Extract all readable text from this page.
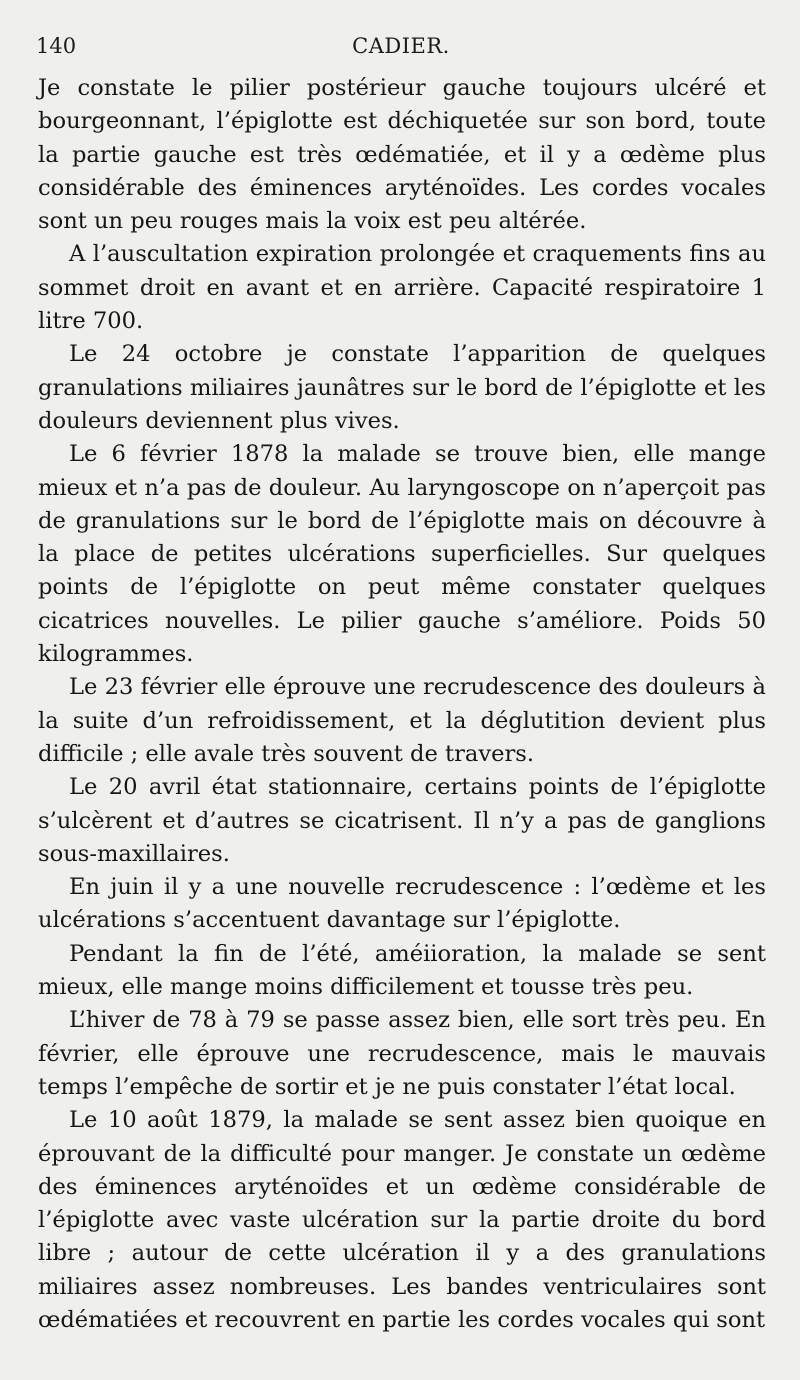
140	CADIER.

Je constate le pilier postérieur gauche toujours ulcéré et bourgeonnant, l’épiglotte est déchiquetée sur son bord, toute la partie gauche est très œdématiée, et il y a œdème plus considérable des éminences aryténoïdes. Les cordes vocales sont un peu rouges mais la voix est peu altérée.

A l’auscultation expiration prolongée et craquements fins au sommet droit en avant et en arrière. Capacité respiratoire 1 litre 700.

Le 24 octobre je constate l’apparition de quelques granulations miliaires jaunâtres sur le bord de l’épiglotte et les douleurs deviennent plus vives.

Le 6 février 1878 la malade se trouve bien, elle mange mieux et n’a pas de douleur. Au laryngoscope on n’aperçoit pas de granulations sur le bord de l’épiglotte mais on découvre à la place de petites ulcérations superficielles. Sur quelques points de l’épiglotte on peut même constater quelques cicatrices nouvelles. Le pilier gauche s’améliore. Poids 50 kilogrammes.

Le 23 février elle éprouve une recrudescence des douleurs à la suite d’un refroidissement, et la déglutition devient plus difficile ; elle avale très souvent de travers.

Le 20 avril état stationnaire, certains points de l’épiglotte s’ulcèrent et d’autres se cicatrisent. Il n’y a pas de ganglions sous-maxillaires.

En juin il y a une nouvelle recrudescence : l’œdème et les ulcérations s’accentuent davantage sur l’épiglotte.

Pendant la fin de l’été, améiioration, la malade se sent mieux, elle mange moins difficilement et tousse très peu.

L’hiver de 78 à 79 se passe assez bien, elle sort très peu. En février, elle éprouve une recrudescence, mais le mauvais temps l’empêche de sortir et je ne puis constater l’état local.

Le 10 août 1879, la malade se sent assez bien quoique en éprouvant de la difficulté pour manger. Je constate un œdème des éminences aryténoïdes et un œdème considérable de l’épiglotte avec vaste ulcération sur la partie droite du bord libre ; autour de cette ulcération il y a des granulations miliaires assez nombreuses. Les bandes ventriculaires sont œdématiées et recouvrent en partie les cordes vocales qui sont
